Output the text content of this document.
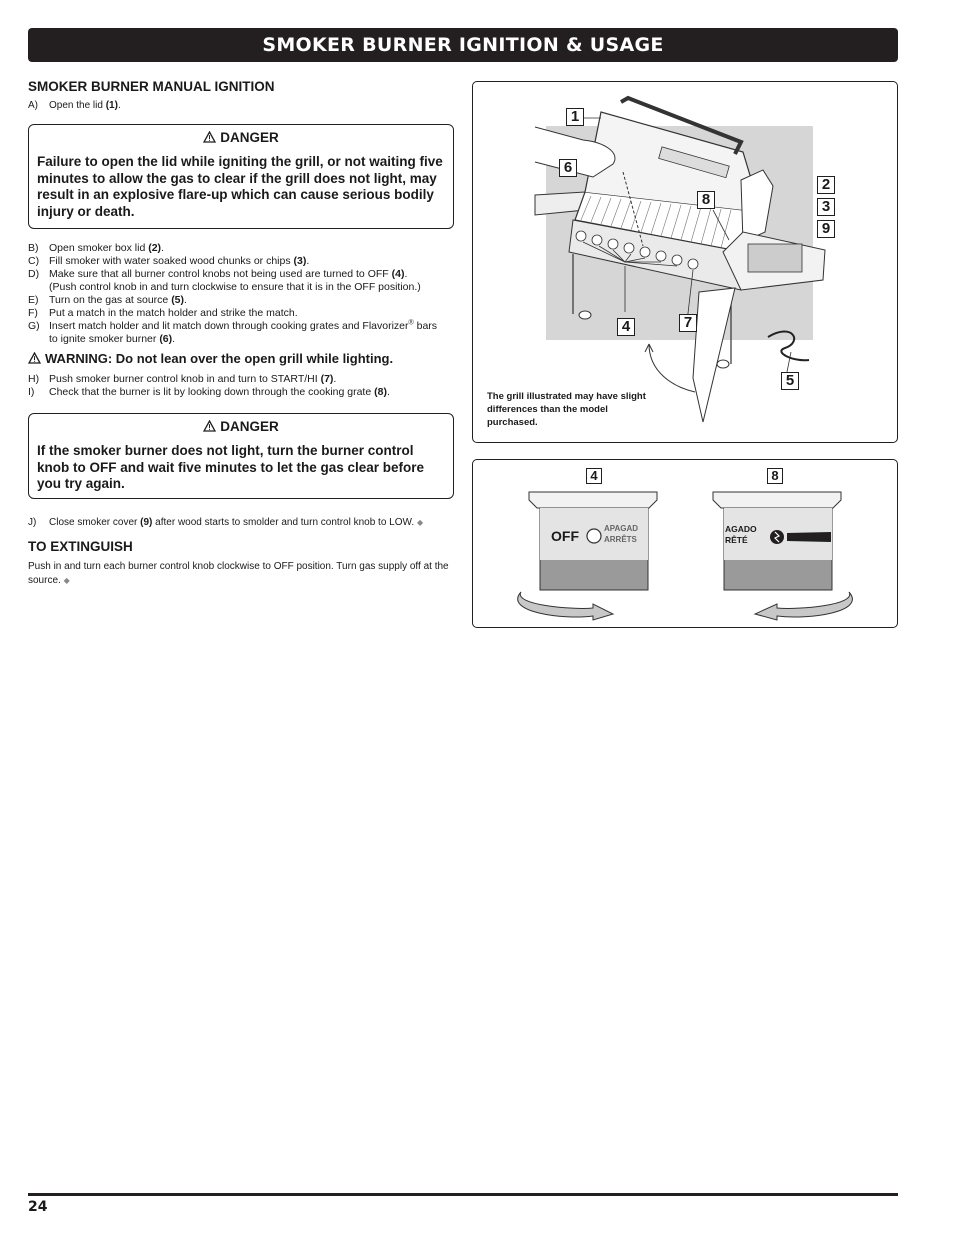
SMOKER BURNER IGNITION & USAGE
SMOKER BURNER MANUAL IGNITION

A) Open the lid (1).

DANGER
Failure to open the lid while igniting the grill, or not waiting five minutes to allow the gas to clear if the grill does not light, may result in an explosive flare-up which can cause serious bodily injury or death.

B) Open smoker box lid (2).

C) Fill smoker with water soaked wood chunks or chips (3).

D) Make sure that all burner control knobs not being used are turned to OFF (4).
(Push control knob in and turn clockwise to ensure that it is in the OFF position.)

E) Turn on the gas at source (5).

F) Put a match in the match holder and strike the match.

G) Insert match holder and lit match down through cooking grates and Flavorizer® bars
to ignite smoker burner (6).

WARNING: Do not lean over the open grill while lighting.

H) Push smoker burner control knob in and turn to START/HI (7).

I) Check that the burner is lit by looking down through the cooking grate (8).

DANGER
If the smoker burner does not light, turn the burner control knob to OFF and wait five minutes to let the gas clear before you try again.

J) Close smoker cover (9) after wood starts to smolder and turn control knob to LOW. ◆

TO EXTINGUISH

Push in and turn each burner control knob clockwise to OFF position. Turn gas supply off at the source. ◆

1
6
8
2
3
9
4	7
5
The grill illustrated may have slight differences than the model purchased.
4	8
OFF	APAGAD
ARRÊTS
AGADO
RÊTÉ
24
